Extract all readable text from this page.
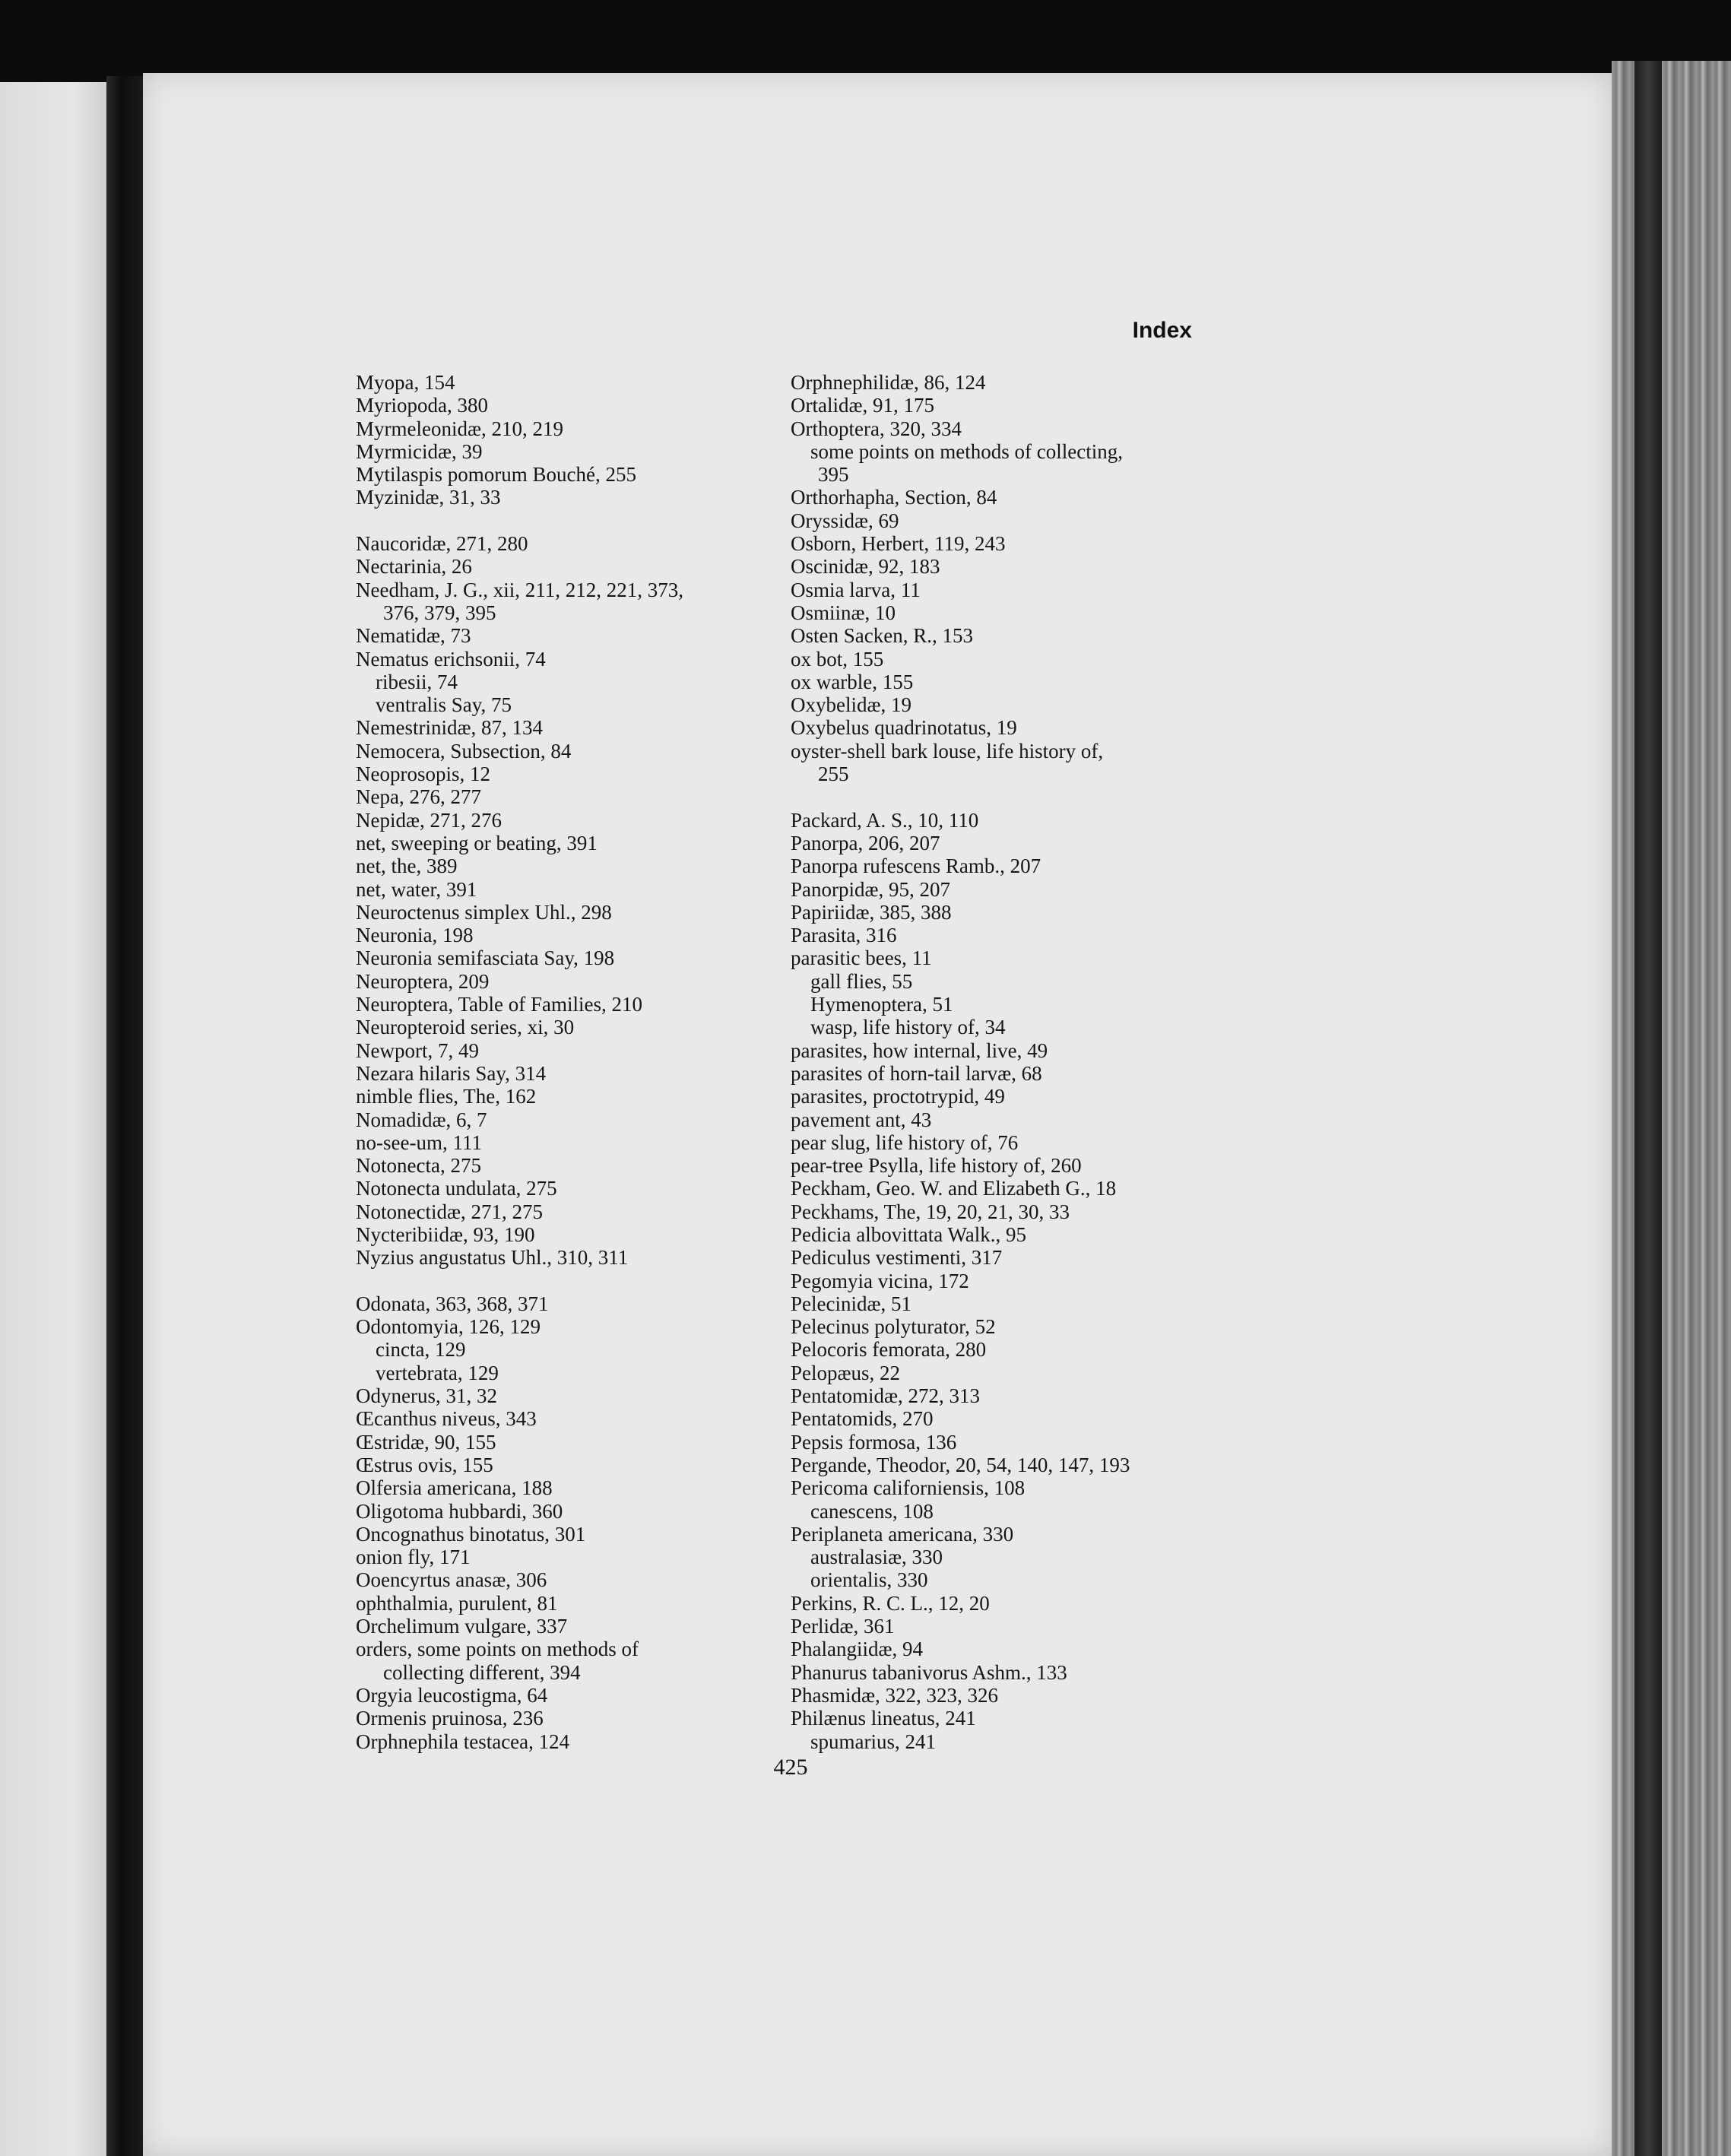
Index
Myopa, 154
Myriopoda, 380
Myrmeleonidæ, 210, 219
Myrmicidæ, 39
Mytilaspis pomorum Bouché, 255
Myzinidæ, 31, 33
Naucoridæ, 271, 280
Nectarinia, 26
Needham, J. G., xii, 211, 212, 221, 373,
376, 379, 395
Nematidæ, 73
Nematus erichsonii, 74
ribesii, 74
ventralis Say, 75
Nemestrinidæ, 87, 134
Nemocera, Subsection, 84
Neoprosopis, 12
Nepa, 276, 277
Nepidæ, 271, 276
net, sweeping or beating, 391
net, the, 389
net, water, 391
Neuroctenus simplex Uhl., 298
Neuronia, 198
Neuronia semifasciata Say, 198
Neuroptera, 209
Neuroptera, Table of Families, 210
Neuropteroid series, xi, 30
Newport, 7, 49
Nezara hilaris Say, 314
nimble flies, The, 162
Nomadidæ, 6, 7
no-see-um, 111
Notonecta, 275
Notonecta undulata, 275
Notonectidæ, 271, 275
Nycteribiidæ, 93, 190
Nyzius angustatus Uhl., 310, 311
Odonata, 363, 368, 371
Odontomyia, 126, 129
cincta, 129
vertebrata, 129
Odynerus, 31, 32
Œcanthus niveus, 343
Œstridæ, 90, 155
Œstrus ovis, 155
Olfersia americana, 188
Oligotoma hubbardi, 360
Oncognathus binotatus, 301
onion fly, 171
Ooencyrtus anasæ, 306
ophthalmia, purulent, 81
Orchelimum vulgare, 337
orders, some points on methods of
collecting different, 394
Orgyia leucostigma, 64
Ormenis pruinosa, 236
Orphnephila testacea, 124
Orphnephilidæ, 86, 124
Ortalidæ, 91, 175
Orthoptera, 320, 334
some points on methods of collecting,
395
Orthorhapha, Section, 84
Oryssidæ, 69
Osborn, Herbert, 119, 243
Oscinidæ, 92, 183
Osmia larva, 11
Osmiinæ, 10
Osten Sacken, R., 153
ox bot, 155
ox warble, 155
Oxybelidæ, 19
Oxybelus quadrinotatus, 19
oyster-shell bark louse, life history of,
255
Packard, A. S., 10, 110
Panorpa, 206, 207
Panorpa rufescens Ramb., 207
Panorpidæ, 95, 207
Papiriidæ, 385, 388
Parasita, 316
parasitic bees, 11
gall flies, 55
Hymenoptera, 51
wasp, life history of, 34
parasites, how internal, live, 49
parasites of horn-tail larvæ, 68
parasites, proctotrypid, 49
pavement ant, 43
pear slug, life history of, 76
pear-tree Psylla, life history of, 260
Peckham, Geo. W. and Elizabeth G., 18
Peckhams, The, 19, 20, 21, 30, 33
Pedicia albovittata Walk., 95
Pediculus vestimenti, 317
Pegomyia vicina, 172
Pelecinidæ, 51
Pelecinus polyturator, 52
Pelocoris femorata, 280
Pelopæus, 22
Pentatomidæ, 272, 313
Pentatomids, 270
Pepsis formosa, 136
Pergande, Theodor, 20, 54, 140, 147, 193
Pericoma californiensis, 108
canescens, 108
Periplaneta americana, 330
australasiæ, 330
orientalis, 330
Perkins, R. C. L., 12, 20
Perlidæ, 361
Phalangiidæ, 94
Phanurus tabanivorus Ashm., 133
Phasmidæ, 322, 323, 326
Philænus lineatus, 241
spumarius, 241
425
